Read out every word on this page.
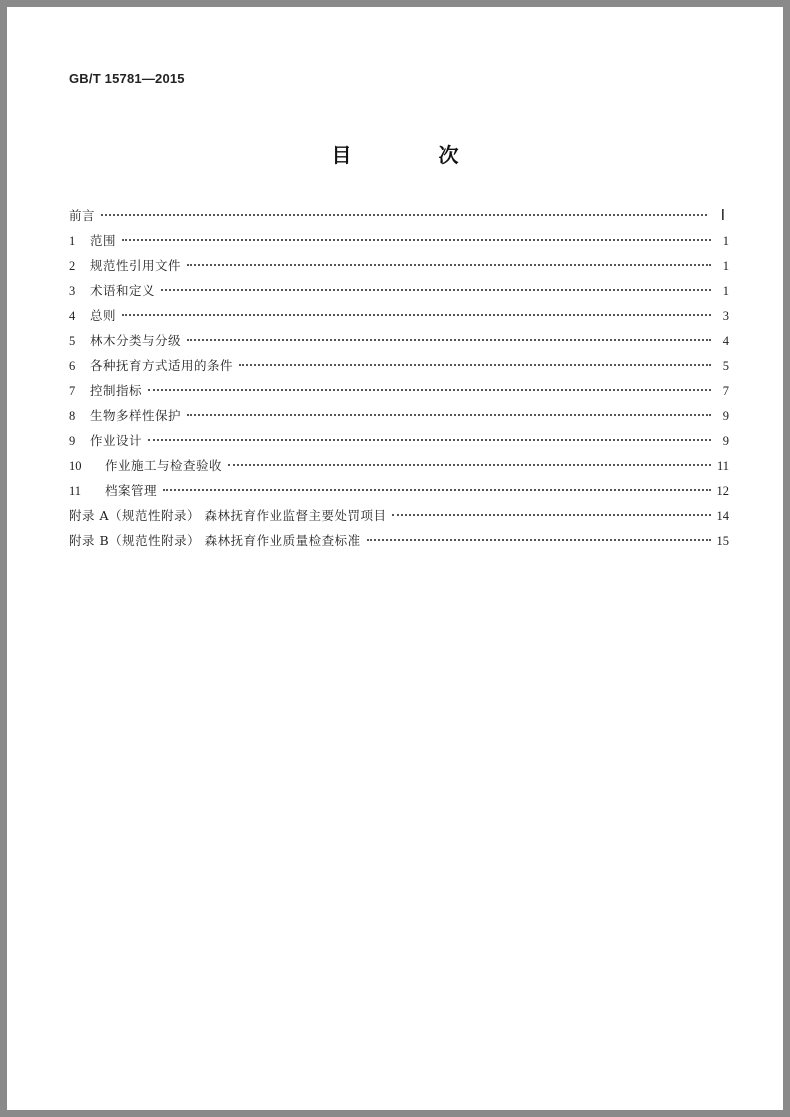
GB/T 15781—2015
目 次
前言	Ⅰ
1	范围	1
2	规范性引用文件	1
3	术语和定义	1
4	总则	3
5	林木分类与分级	4
6	各种抚育方式适用的条件	5
7	控制指标	7
8	生物多样性保护	9
9	作业设计	9
10	作业施工与检查验收	11
11	档案管理	12
附录 A（规范性附录） 森林抚育作业监督主要处罚项目	14
附录 B（规范性附录） 森林抚育作业质量检查标准	15
